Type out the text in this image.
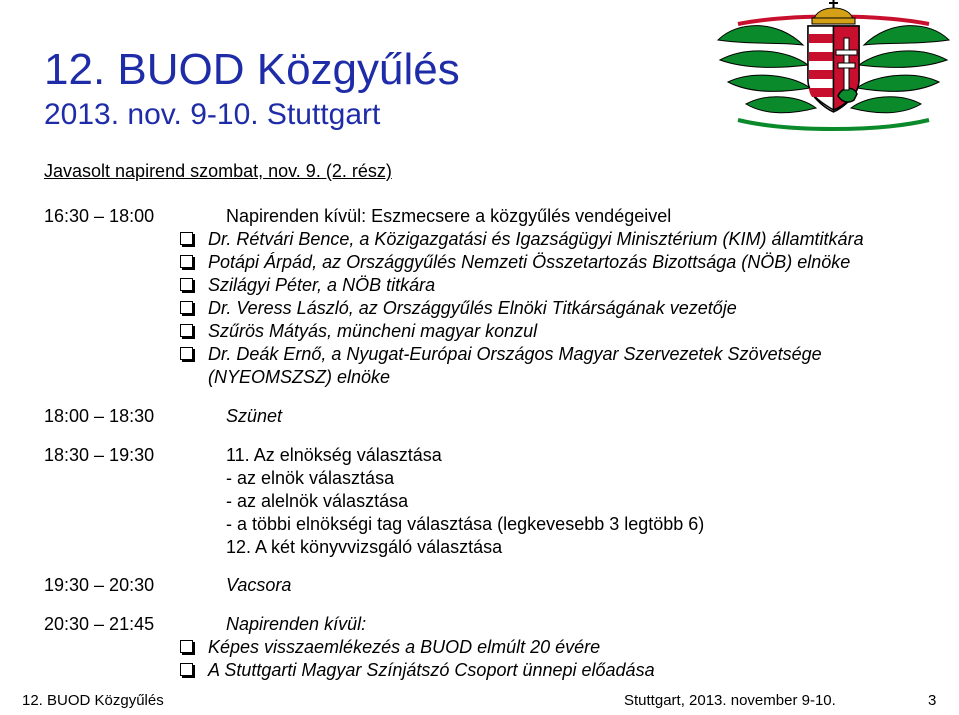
12. BUOD Közgyűlés
2013. nov. 9-10. Stuttgart
Javasolt napirend szombat, nov. 9. (2. rész)
16:30 – 18:00	Napirenden kívül: Eszmecsere a közgyűlés vendégeivel
Dr. Rétvári Bence, a Közigazgatási és Igazságügyi Minisztérium (KIM) államtitkára
Potápi Árpád, az Országgyűlés Nemzeti Összetartozás Bizottsága (NÖB) elnöke
Szilágyi Péter, a NÖB titkára
Dr. Veress László, az Országgyűlés Elnöki Titkárságának vezetője
Szűrös Mátyás, müncheni magyar konzul
Dr. Deák Ernő, a Nyugat-Európai Országos Magyar Szervezetek Szövetsége
(NYEOMSZSZ) elnöke
18:00 – 18:30	Szünet
18:30 – 19:30	11. Az elnökség választása
- az elnök választása
- az alelnök választása
- a többi elnökségi tag választása (legkevesebb 3 legtöbb 6)
12. A két könyvvizsgáló választása
19:30 – 20:30	Vacsora
20:30 – 21:45	Napirenden kívül:
Képes visszaemlékezés a BUOD elmúlt 20 évére
A Stuttgarti Magyar Színjátszó Csoport ünnepi előadása
12. BUOD Közgyűlés	Stuttgart, 2013. november 9-10.	3
